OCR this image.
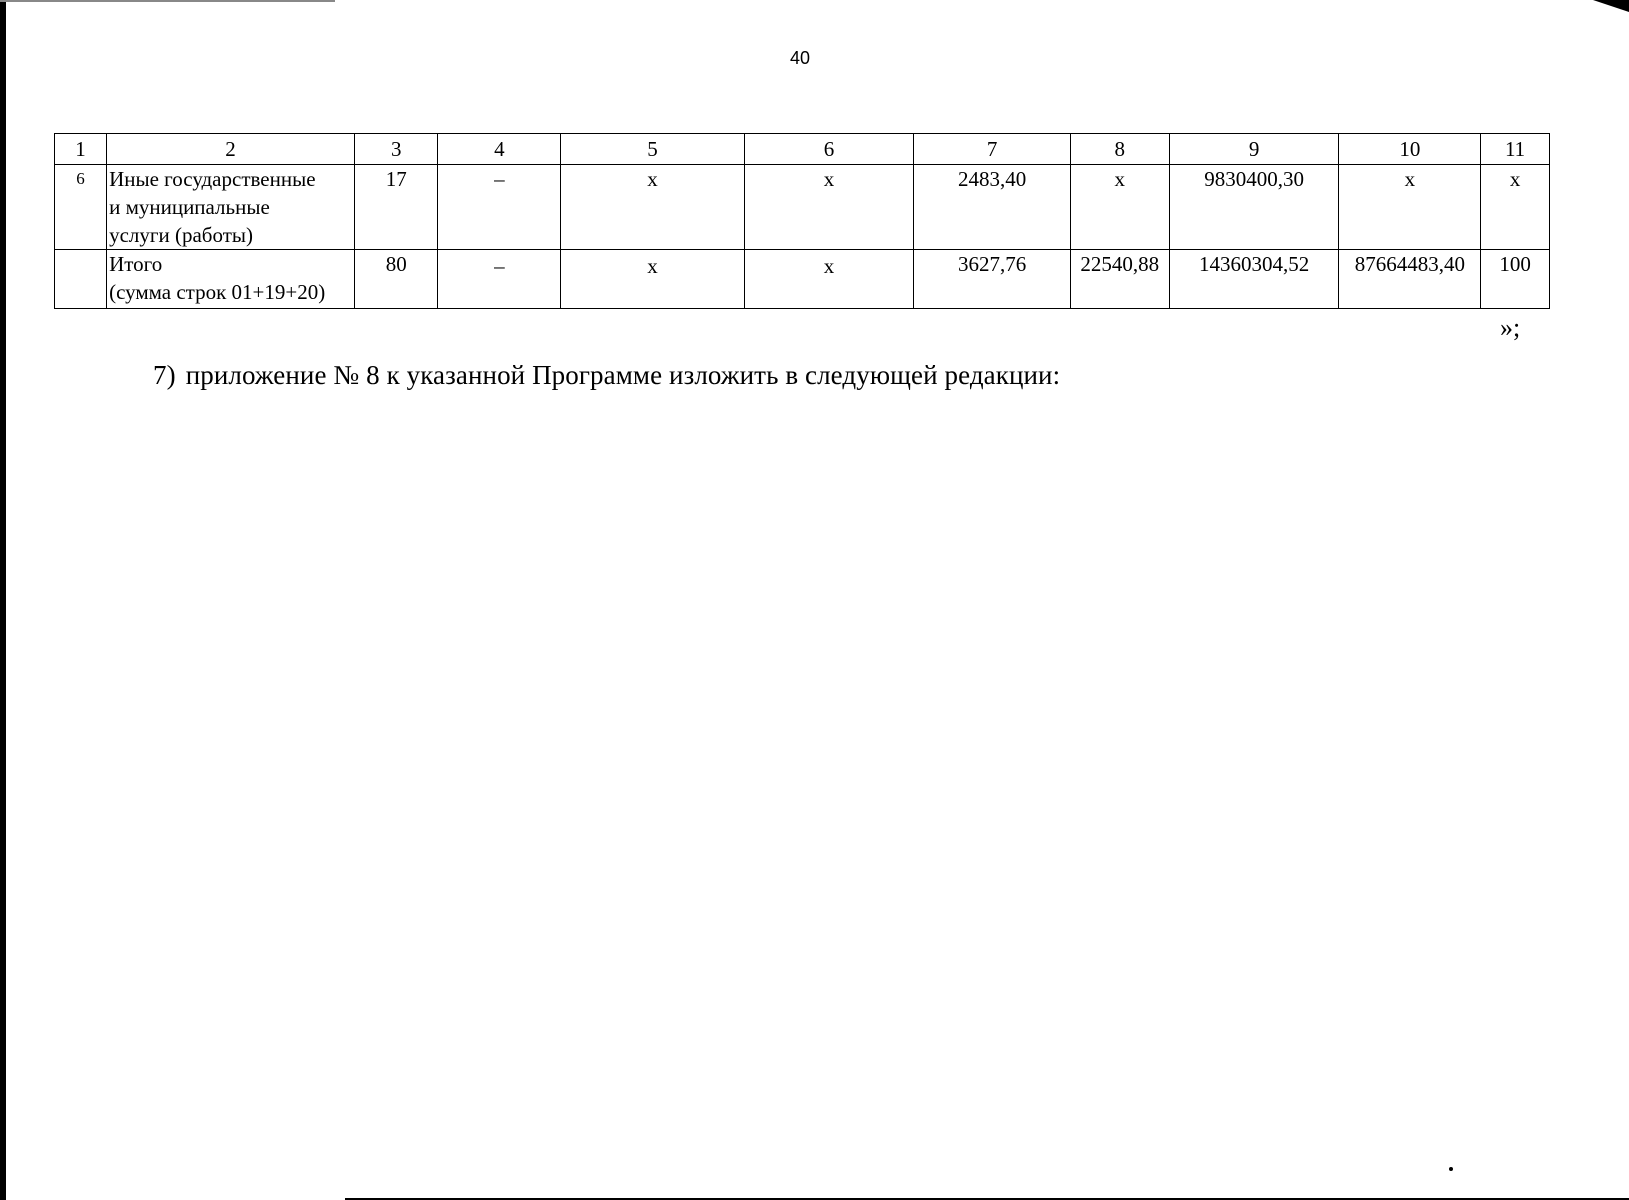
40
1	2	3	4	5	6	7	8	9	10	11
6	Иные государственные
и муниципальные
услуги (работы)	17	–	х	х	2483,40	х	9830400,30	х	х
	Итого
(сумма строк 01+19+20)	80	–	х	х	3627,76	22540,88	14360304,52	87664483,40	100
»;
7) приложение № 8 к указанной Программе изложить в следующей редакции:
